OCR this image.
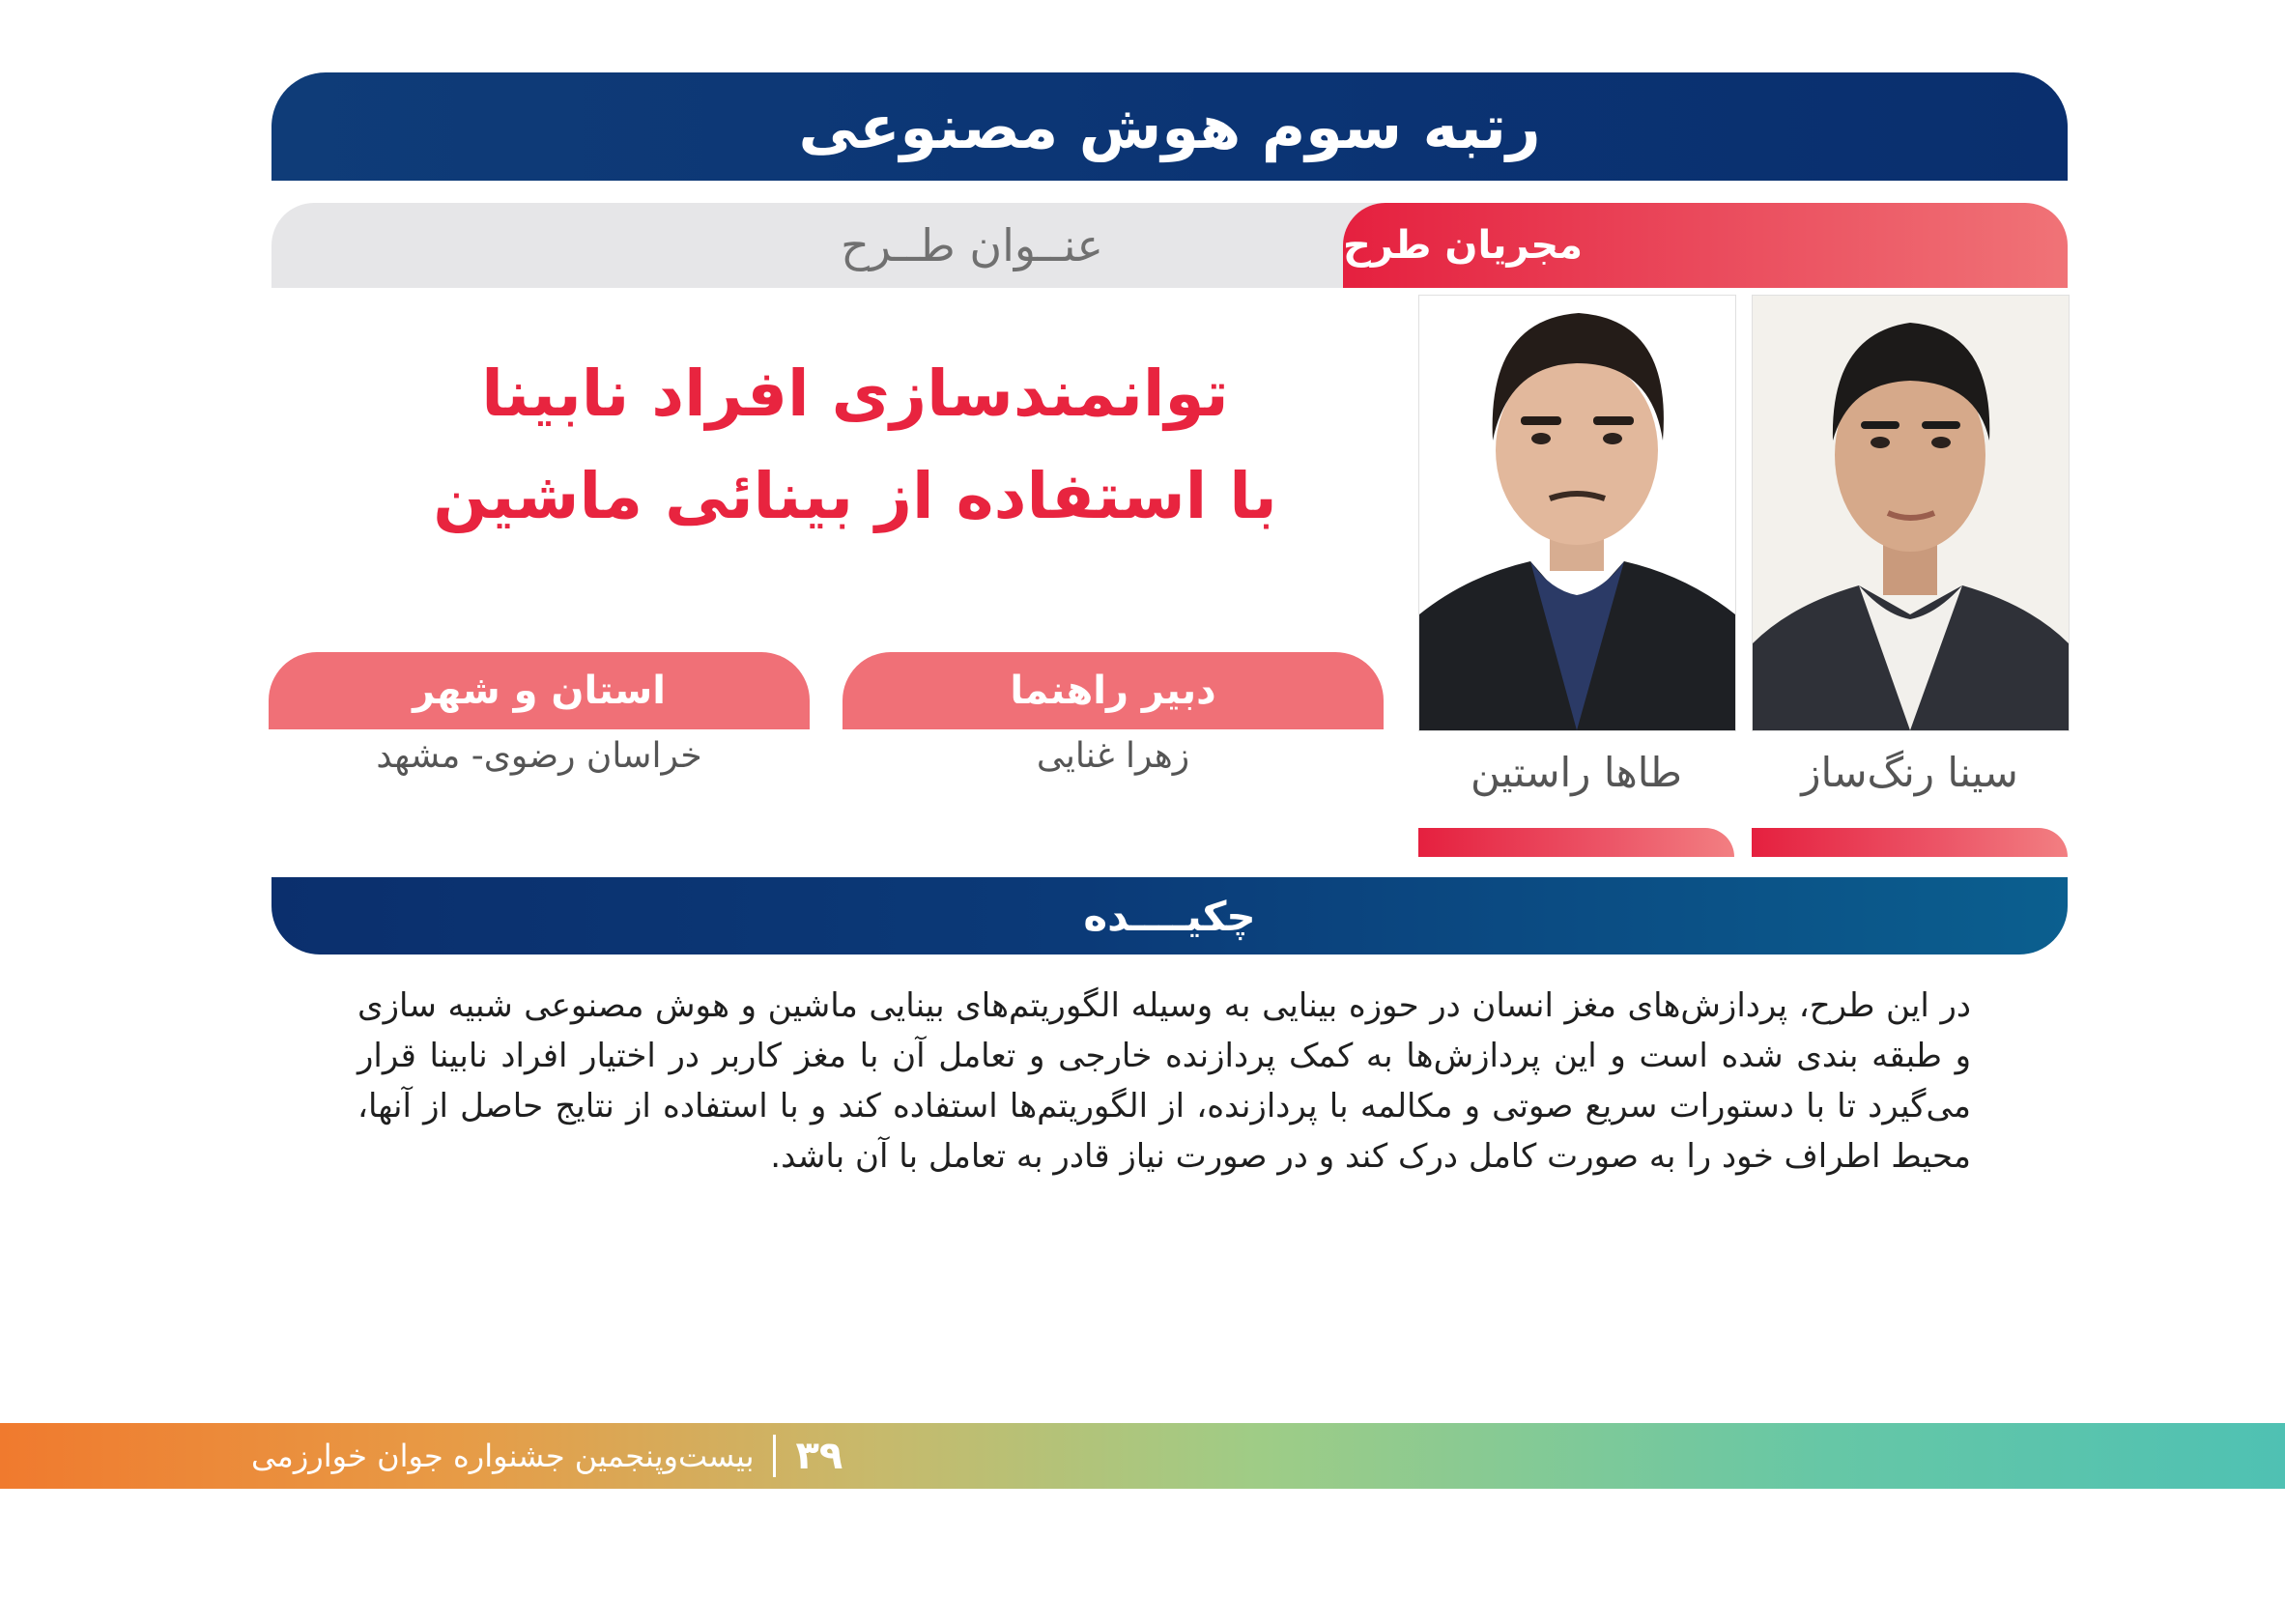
رتبه سوم هوش مصنوعی
عنــوان طــرح	مجریان طرح
توانمندسازی افراد نابینا
با استفاده از بینائی ماشین
سینا رنگ‌ساز
طاها راستین
دبیر راهنما
زهرا غنایی
استان و شهر
خراسان رضوی- مشهد
چکیــــده
در این طرح، پردازش‌های مغز انسان در حوزه بینایی به وسیله الگوریتم‌های بینایی ماشین و هوش مصنوعی شبیه سازی و طبقه بندی شده است و این پردازش‌ها به کمک پردازنده خارجی و تعامل آن با مغز کاربر در اختیار افراد نابینا قرار می‌گیرد تا با دستورات سریع صوتی و مکالمه با پردازنده، از الگوریتم‌ها استفاده کند و با استفاده از نتایج حاصل از آنها، محیط اطراف خود را به صورت کامل درک کند و در صورت نیاز قادر به تعامل با آن باشد.
۳۹
بیست‌وپنجمین جشنواره جوان خوارزمی
